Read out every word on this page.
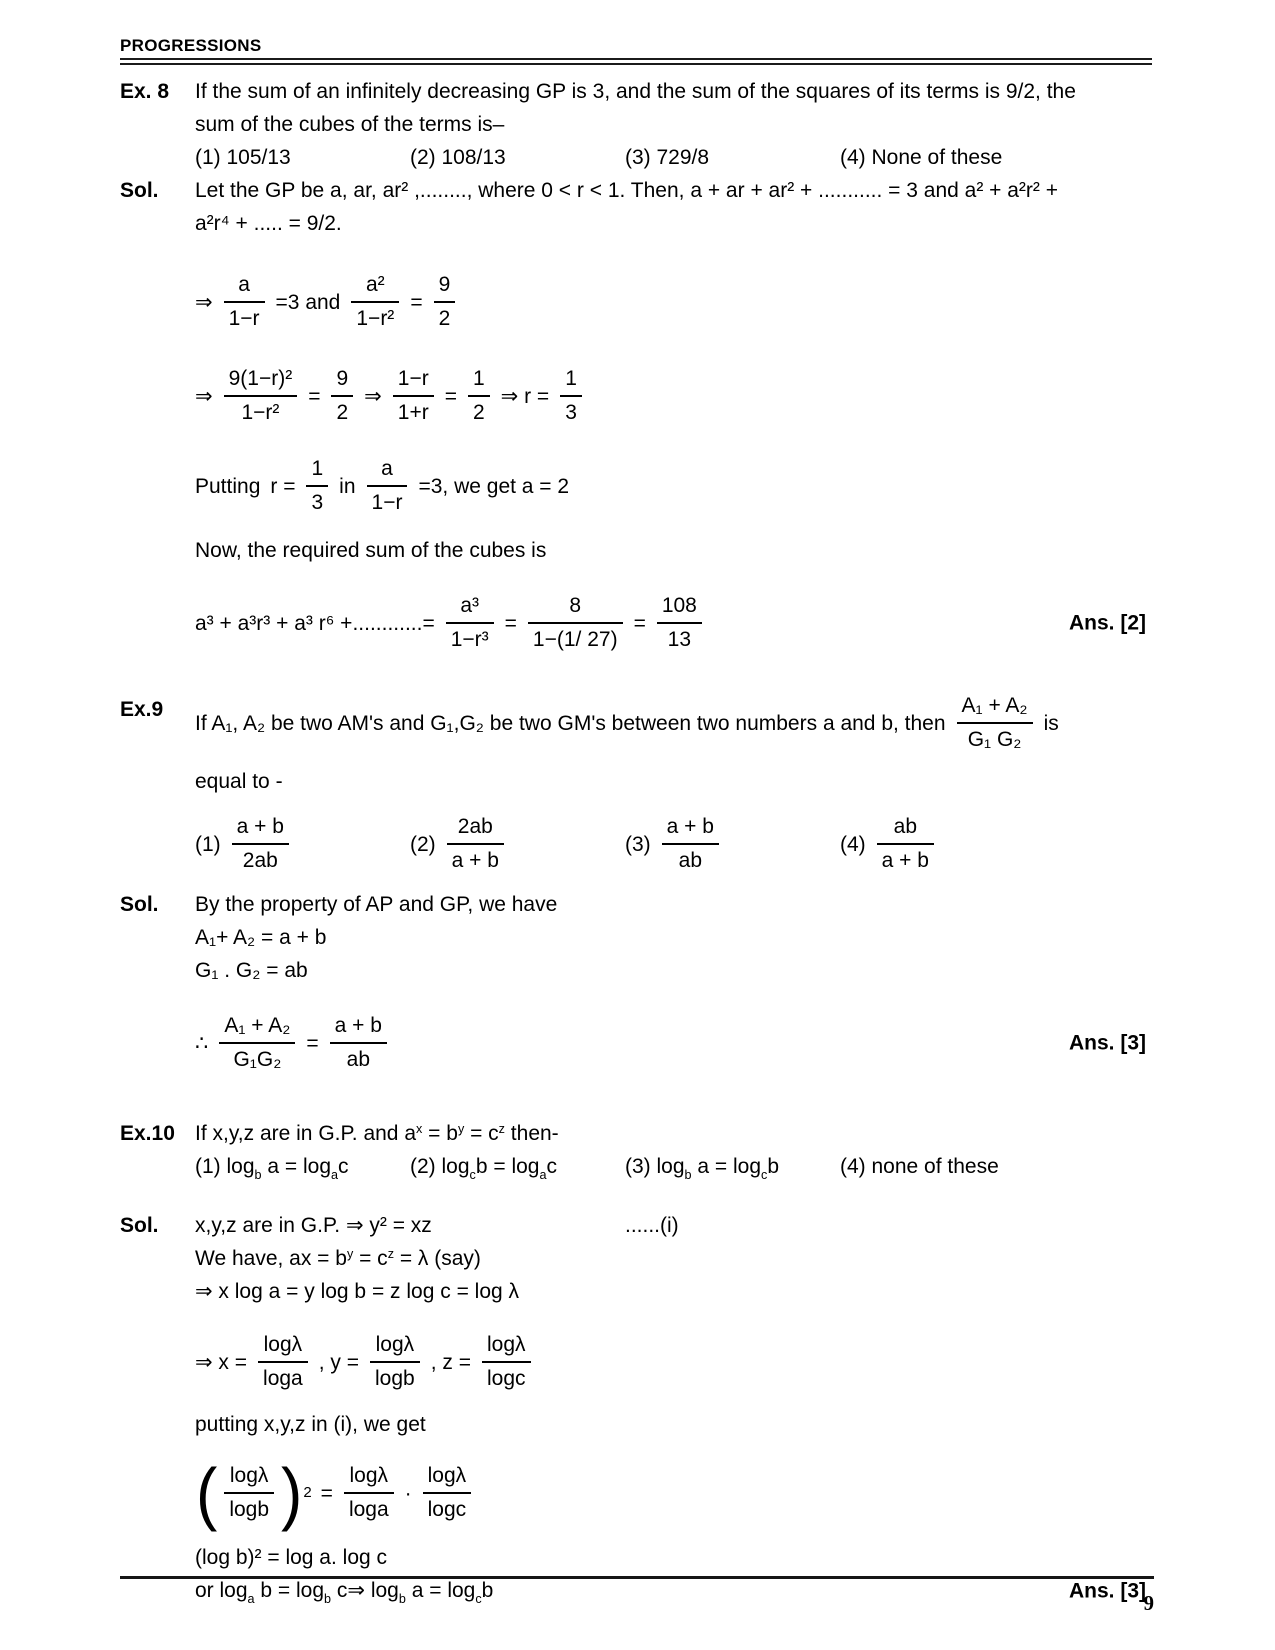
PROGRESSIONS
Ex. 8	If the sum of an infinitely decreasing GP is 3, and the sum of the squares of its terms is 9/2, the
sum of the cubes of the terms is–
(1) 105/13	(2) 108/13	(3) 729/8	(4) None of these
Sol.	Let the GP be a, ar, ar² ,........, where 0 < r < 1. Then, a + ar + ar² + ........... = 3 and a² + a²r² +
a²r⁴ + ..... = 9/2.
⇒ $\frac{a}{1-r} =3$ and $\frac{\text{a²}}{\text{1−r²}} = \frac{9}{2}$
⇒ $\frac{\text{9(1−r)²}}{\text{1−r²}} = \frac{9}{2}$ ⇒ $\frac{1-r}{1+r} = \frac{1}{2}$ ⇒ $r = \frac{1}{3}$
Putting $r = \frac{1}{3}$ in $\frac{a}{1-r} =3$, we get a = 2
Now, the required sum of the cubes is
a³ + a³r³ + a³ r⁶ +............= $\frac{\text{a³}}{\text{1−r³}} = \frac{8}{1-(1/ 27)} = \frac{108}{13}$	Ans. [2]
Ex.9
If A₁, A₂ be two AM's and G₁,G₂ be two GM's between two numbers a and b, then $\frac{\text{A₁ + A₂}}{\text{G₁ G₂}}$ is
equal to -
$(1) \frac{a + b}{2ab}$	$(2) \frac{2ab}{a + b}$	$(3) \frac{a + b}{ab}$	$(4) \frac{ab}{a + b}$
Sol.	By the property of AP and GP, we have
A₁+ A₂ = a + b
G₁ . G₂ = ab
∴ $\frac{\text{A₁ + A₂}}{\text{G₁G₂}} = \frac{a + b}{ab}$	Ans. [3]
Ex.10 If x,y,z are in G.P. and $a^x = b^y = c^z$ then-
(1) $\log_b a = \log_ac$	(2) $\log_cb = \log_ac$	(3) $\log_b a = \log_cb$	(4) none of these
Sol.	x,y,z are in G.P. ⇒ y² = xz	......(i)
We have, ax = $b^y = c^z = \lambda$ (say)
⇒ x log a = y log b = z log c = log λ
⇒ $x = \frac{\log\lambda}{\log a}$ , $y = \frac{\log\lambda}{\log b}$ , $z = \frac{\log\lambda}{\log c}$
putting x,y,z in (i), we get
( $\frac{\log\lambda}{\log b}$ ) $2 = \frac{\log\lambda}{\log a} \cdot \frac{\log\lambda}{\log c}$
(log b)² = log a. log c
or $\log_a b = \log_b$ c⇒ $\log_b a = \log_cb$	Ans. [3]
9
